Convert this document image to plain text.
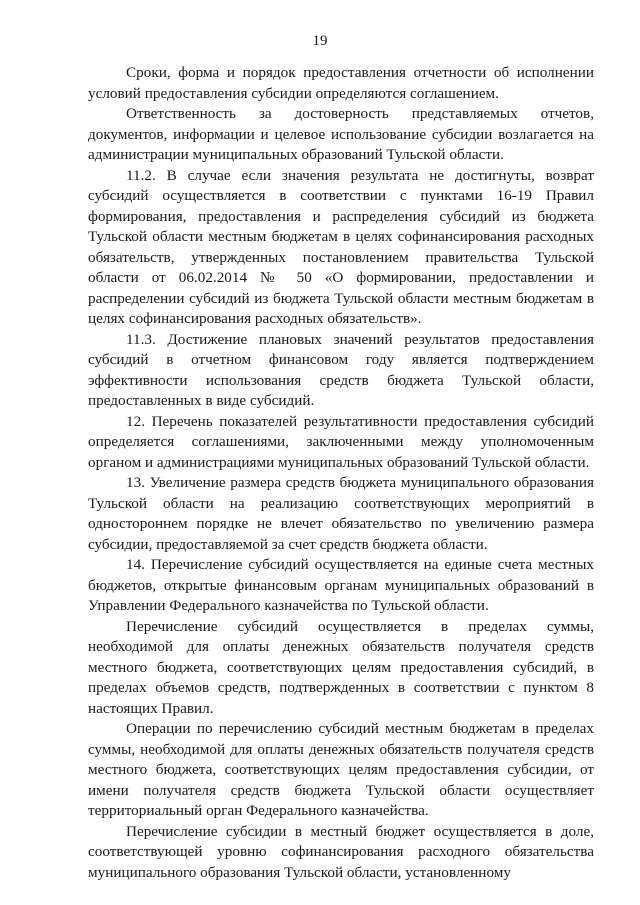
19

Сроки, форма и порядок предоставления отчетности об исполнении условий предоставления субсидии определяются соглашением.

Ответственность за достоверность представляемых отчетов, документов, информации и целевое использование субсидии возлагается на администрации муниципальных образований Тульской области.

11.2. В случае если значения результата не достигнуты, возврат субсидий осуществляется в соответствии с пунктами 16-19 Правил формирования, предоставления и распределения субсидий из бюджета Тульской области местным бюджетам в целях софинансирования расходных обязательств, утвержденных постановлением правительства Тульской области от 06.02.2014 № 50 «О формировании, предоставлении и распределении субсидий из бюджета Тульской области местным бюджетам в целях софинансирования расходных обязательств».

11.3. Достижение плановых значений результатов предоставления субсидий в отчетном финансовом году является подтверждением эффективности использования средств бюджета Тульской области, предоставленных в виде субсидий.

12. Перечень показателей результативности предоставления субсидий определяется соглашениями, заключенными между уполномоченным органом и администрациями муниципальных образований Тульской области.

13. Увеличение размера средств бюджета муниципального образования Тульской области на реализацию соответствующих мероприятий в одностороннем порядке не влечет обязательство по увеличению размера субсидии, предоставляемой за счет средств бюджета области.

14. Перечисление субсидий осуществляется на единые счета местных бюджетов, открытые финансовым органам муниципальных образований в Управлении Федерального казначейства по Тульской области.

Перечисление субсидий осуществляется в пределах суммы, необходимой для оплаты денежных обязательств получателя средств местного бюджета, соответствующих целям предоставления субсидий, в пределах объемов средств, подтвержденных в соответствии с пунктом 8 настоящих Правил.

Операции по перечислению субсидий местным бюджетам в пределах суммы, необходимой для оплаты денежных обязательств получателя средств местного бюджета, соответствующих целям предоставления субсидии, от имени получателя средств бюджета Тульской области осуществляет территориальный орган Федерального казначейства.

Перечисление субсидии в местный бюджет осуществляется в доле, соответствующей уровню софинансирования расходного обязательства муниципального образования Тульской области, установленному
